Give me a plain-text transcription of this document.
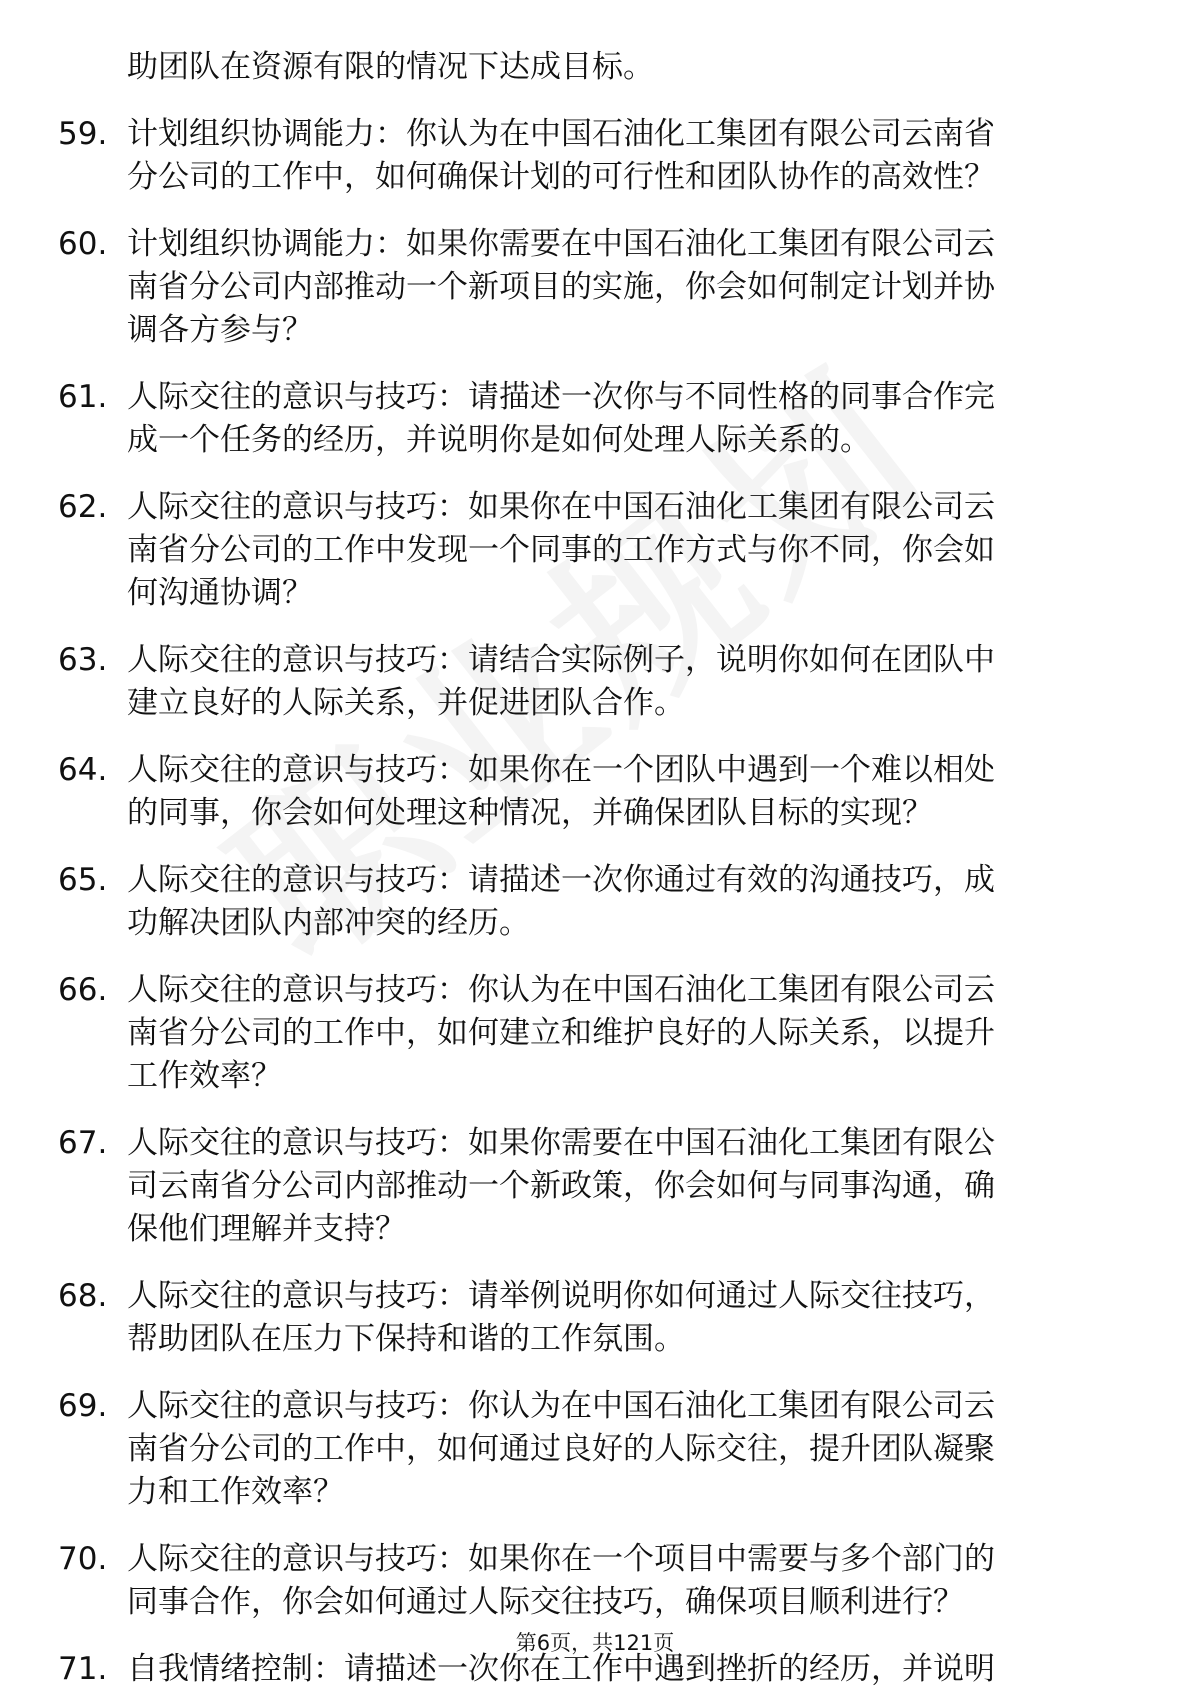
助团队在资源有限的情况下达成目标。
59. 计划组织协调能力：你认为在中国石油化工集团有限公司云南省
分公司的工作中，如何确保计划的可行性和团队协作的高效性？
60. 计划组织协调能力：如果你需要在中国石油化工集团有限公司云
南省分公司内部推动一个新项目的实施，你会如何制定计划并协
调各方参与？
61. 人际交往的意识与技巧：请描述一次你与不同性格的同事合作完
成一个任务的经历，并说明你是如何处理人际关系的。
62. 人际交往的意识与技巧：如果你在中国石油化工集团有限公司云
南省分公司的工作中发现一个同事的工作方式与你不同，你会如
何沟通协调？
63. 人际交往的意识与技巧：请结合实际例子，说明你如何在团队中
建立良好的人际关系，并促进团队合作。
64. 人际交往的意识与技巧：如果你在一个团队中遇到一个难以相处
的同事，你会如何处理这种情况，并确保团队目标的实现？
65. 人际交往的意识与技巧：请描述一次你通过有效的沟通技巧，成
功解决团队内部冲突的经历。
66. 人际交往的意识与技巧：你认为在中国石油化工集团有限公司云
南省分公司的工作中，如何建立和维护良好的人际关系，以提升
工作效率？
67. 人际交往的意识与技巧：如果你需要在中国石油化工集团有限公
司云南省分公司内部推动一个新政策，你会如何与同事沟通，确
保他们理解并支持？
68. 人际交往的意识与技巧：请举例说明你如何通过人际交往技巧，
帮助团队在压力下保持和谐的工作氛围。
69. 人际交往的意识与技巧：你认为在中国石油化工集团有限公司云
南省分公司的工作中，如何通过良好的人际交往，提升团队凝聚
力和工作效率？
70. 人际交往的意识与技巧：如果你在一个项目中需要与多个部门的
同事合作，你会如何通过人际交往技巧，确保项目顺利进行？
71. 自我情绪控制：请描述一次你在工作中遇到挫折的经历，并说明
第6页，共121页
